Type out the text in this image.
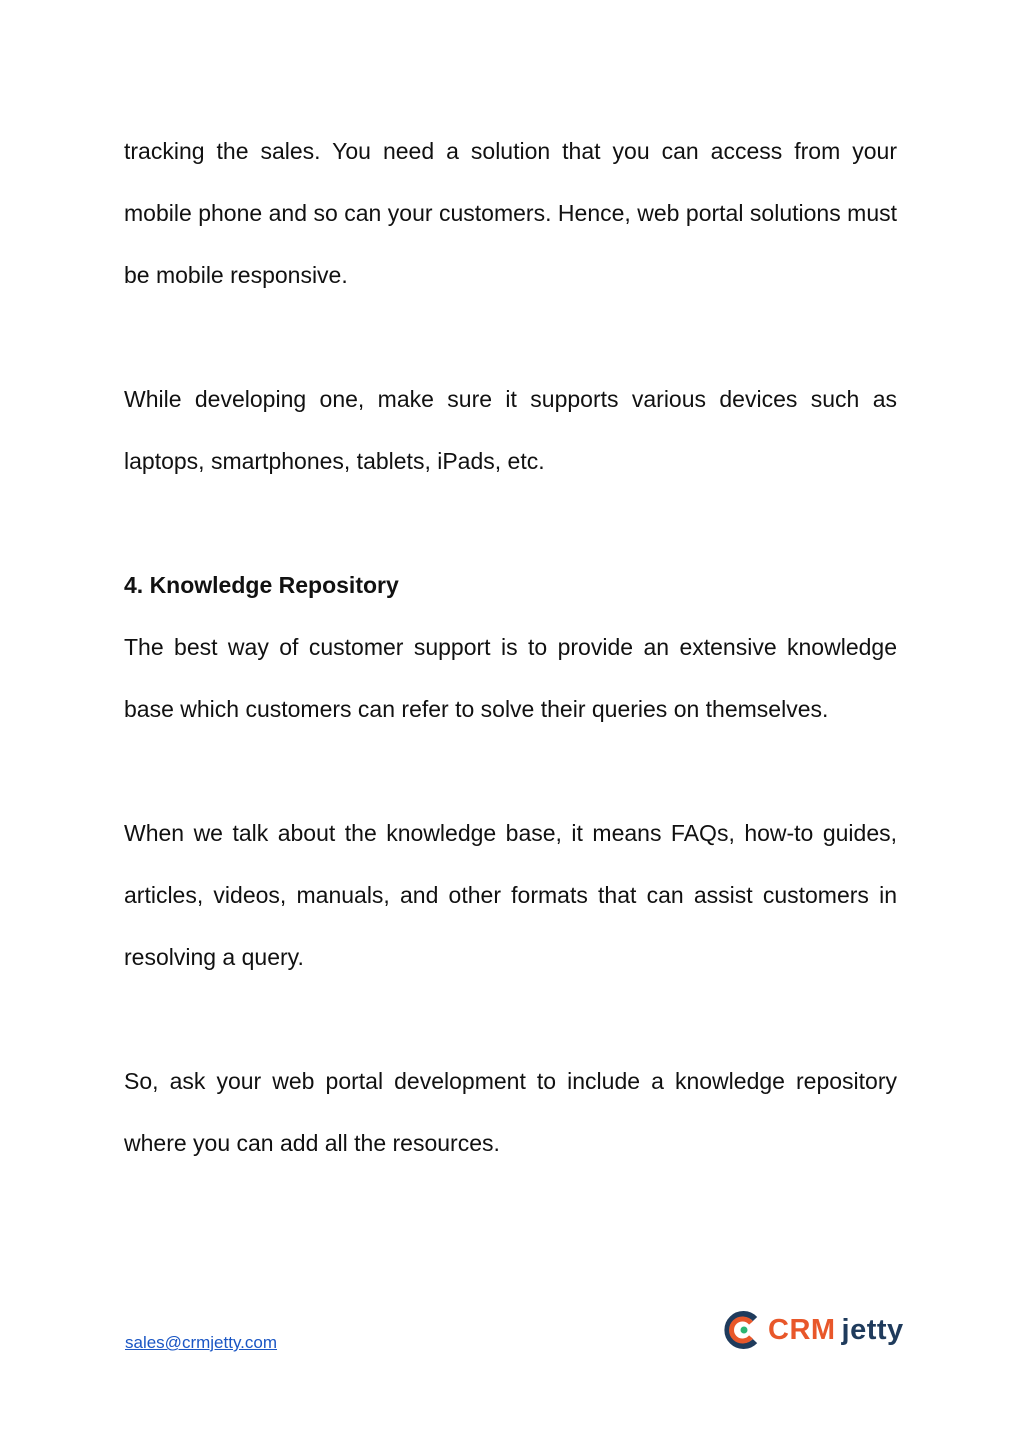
tracking the sales. You need a solution that you can access from your mobile phone and so can your customers. Hence, web portal solutions must be mobile responsive.

While developing one, make sure it supports various devices such as laptops, smartphones, tablets, iPads, etc.

4. Knowledge Repository

The best way of customer support is to provide an extensive knowledge base which customers can refer to solve their queries on themselves.

When we talk about the knowledge base, it means FAQs, how-to guides, articles, videos, manuals, and other formats that can assist customers in resolving a query.

So, ask your web portal development to include a knowledge repository where you can add all the resources.

sales@crmjetty.com	CRM jetty
